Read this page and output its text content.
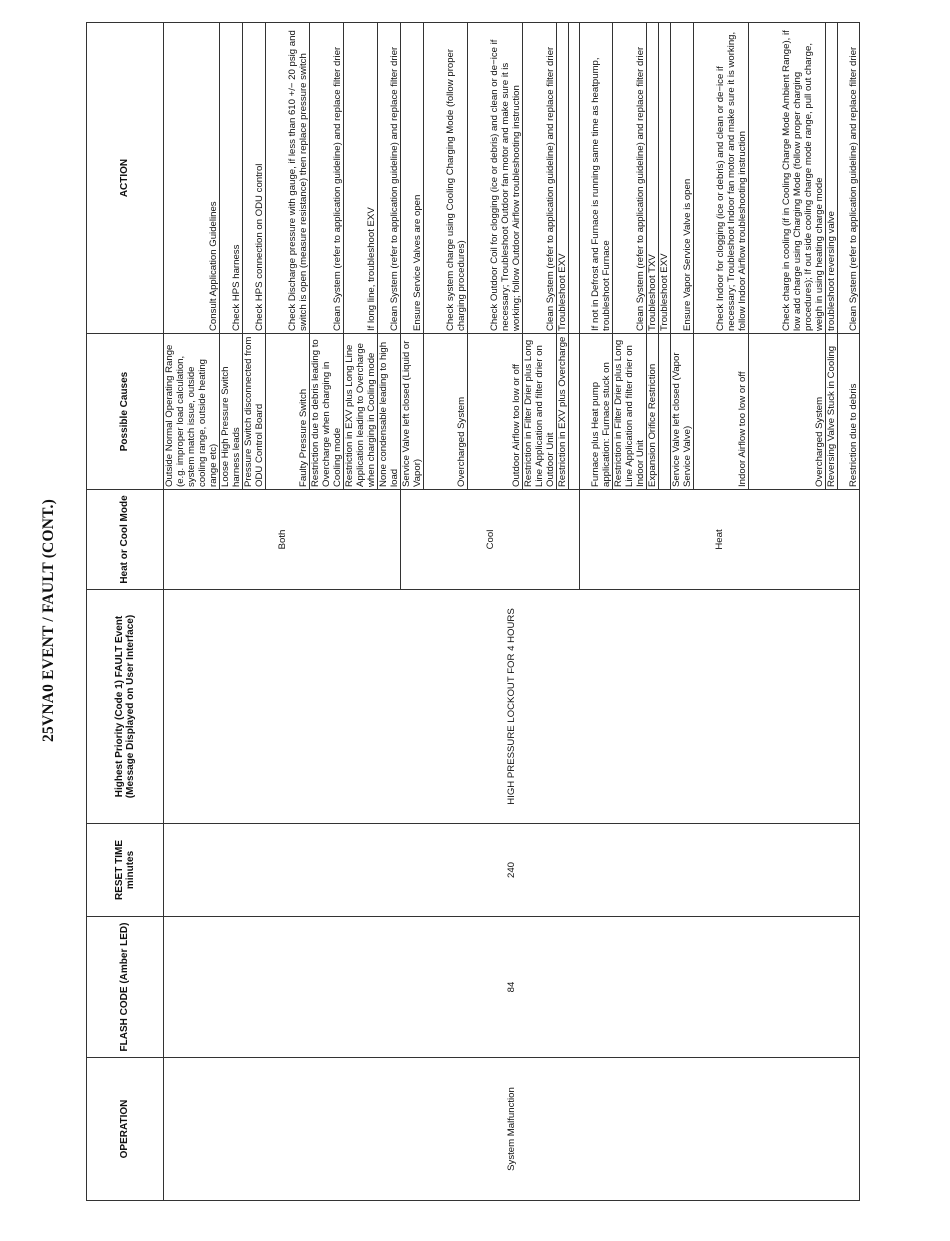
25VNA0 EVENT / FAULT (CONT.)
OPERATION	FLASH CODE (Amber LED)	RESET TIME minutes	Highest Priority (Code 1) FAULT Event (Message Displayed on User Interface)	Heat or Cool Mode	Possible Causes	ACTION
System Malfunction	84	240	HIGH PRESSURE LOCKOUT FOR 4 HOURS	Both	Outside Normal Operating Range (e.g. improper load calculation, system match issue, outside cooling range, outside heating range etc)	Consult Application Guidelines
					Loose High Pressure Switch harness leads	Check HPS harness
					Pressure Switch disconnected from ODU Control Board	Check HPS connection on ODU control
					Faulty Pressure Switch	Check Discharge pressure with gauge, if less than 610 +/− 20 psig and switch is open (measure resistance) then replace pressure switch
					Restriction due to debris leading to Overcharge when charging in Cooling mode	Clean System (refer to application guideline) and replace filter drier
					Restriction in EXV plus Long Line Application leading to Overcharge when charging in Cooling mode	If long line, troubleshoot EXV
					None condensable leading to high load	Clean System (refer to application guideline) and replace filter drier
				Cool	Service Valve left closed (Liquid or Vapor)	Ensure Service Valves are open
					Overcharged System	Check system charge using Cooling Charging Mode (follow proper charging procedures)
					Outdoor Airflow too low or off	Check Outdoor Coil for clogging (ice or debris) and clean or de−ice if necessary; Troubleshoot Outdoor fan motor and make sure it is working; follow Outdoor Airflow troubleshooting instruction
					Restriction in Filter Drier plus Long Line Application and filter drier on Outdoor Unit	Clean System (refer to application guideline) and replace filter drier
					Restriction in EXV plus Overcharge	Troubleshoot EXV

				Heat	Furnace plus Heat pump application: Furnace stuck on	If not in Defrost and Furnace is running same time as heatpump, troubleshoot Furnace
					Restriction in Filter Drier plus Long Line Application and filter drier on Indoor Unit	Clean System (refer to application guideline) and replace filter drier
					Expansion Orifice Restriction	Troubleshoot TXV
						Troubleshoot EXV
					Service Valve left closed (Vapor Service Valve)	Ensure Vapor Service Valve is open
					Indoor Airflow too low or off	Check Indoor for clogging (ice or debris) and clean or de−ice if necessary; Troubleshoot Indoor fan motor and make sure it is working, follow Indoor Airflow troubleshooting instruction
					Overcharged System	Check charge in cooling (if in Cooling Charge Mode Ambient Range), if low add charge using Charging Mode (follow proper charging procedures); If out side cooling charge mode range, pull out charge, weigh in using heating charge mode
					Reversing Valve Stuck in Cooling	troubleshoot reversing valve
					Restriction due to debris	Clean System (refer to application guideline) and replace filter drier
